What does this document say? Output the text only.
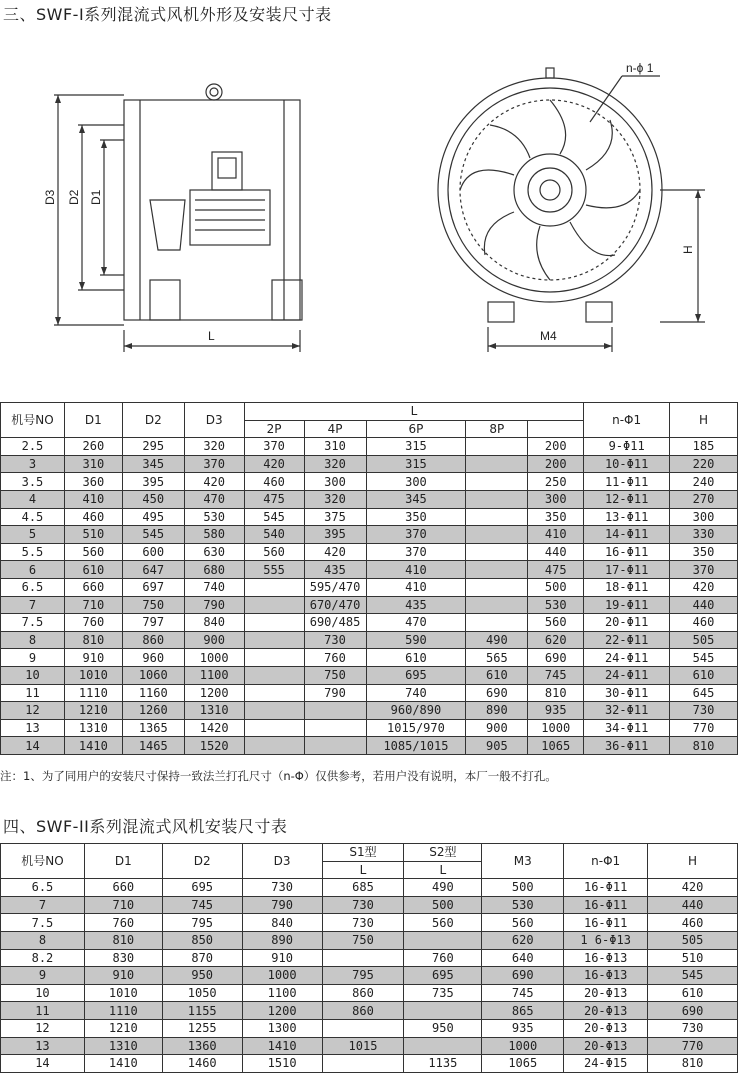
三、SWF-I系列混流式风机外形及安装尺寸表
D3 D2 D1
L
H
M4
n-ϕ 1
机号NO	D1	D2	D3	L					n-Φ1	H
				2P	4P	6P	8P			
2.5	260	295	320	370	310	315		200	9-Φ11	185
3	310	345	370	420	320	315		200	10-Φ11	220
3.5	360	395	420	460	300	300		250	11-Φ11	240
4	410	450	470	475	320	345		300	12-Φ11	270
4.5	460	495	530	545	375	350		350	13-Φ11	300
5	510	545	580	540	395	370		410	14-Φ11	330
5.5	560	600	630	560	420	370		440	16-Φ11	350
6	610	647	680	555	435	410		475	17-Φ11	370
6.5	660	697	740		595/470	410		500	18-Φ11	420
7	710	750	790		670/470	435		530	19-Φ11	440
7.5	760	797	840		690/485	470		560	20-Φ11	460
8	810	860	900		730	590	490	620	22-Φ11	505
9	910	960	1000		760	610	565	690	24-Φ11	545
10	1010	1060	1100		750	695	610	745	24-Φ11	610
11	1110	1160	1200		790	740	690	810	30-Φ11	645
12	1210	1260	1310			960/890	890	935	32-Φ11	730
13	1310	1365	1420			1015/970	900	1000	34-Φ11	770
14	1410	1465	1520			1085/1015	905	1065	36-Φ11	810
注：1、为了同用户的安装尺寸保持一致法兰打孔尺寸（n-Φ）仅供参考，若用户没有说明，本厂一般不打孔。
四、SWF-II系列混流式风机安装尺寸表
机号NO	D1	D2	D3	S1型	S2型	M3	n-Φ1	H
				L	L			
6.5	660	695	730	685	490	500	16-Φ11	420
7	710	745	790	730	500	530	16-Φ11	440
7.5	760	795	840	730	560	560	16-Φ11	460
8	810	850	890	750		620	1 6-Φ13	505
8.2	830	870	910		760	640	16-Φ13	510
9	910	950	1000	795	695	690	16-Φ13	545
10	1010	1050	1100	860	735	745	20-Φ13	610
11	1110	1155	1200	860		865	20-Φ13	690
12	1210	1255	1300		950	935	20-Φ13	730
13	1310	1360	1410	1015		1000	20-Φ13	770
14	1410	1460	1510		1135	1065	24-Φ15	810
